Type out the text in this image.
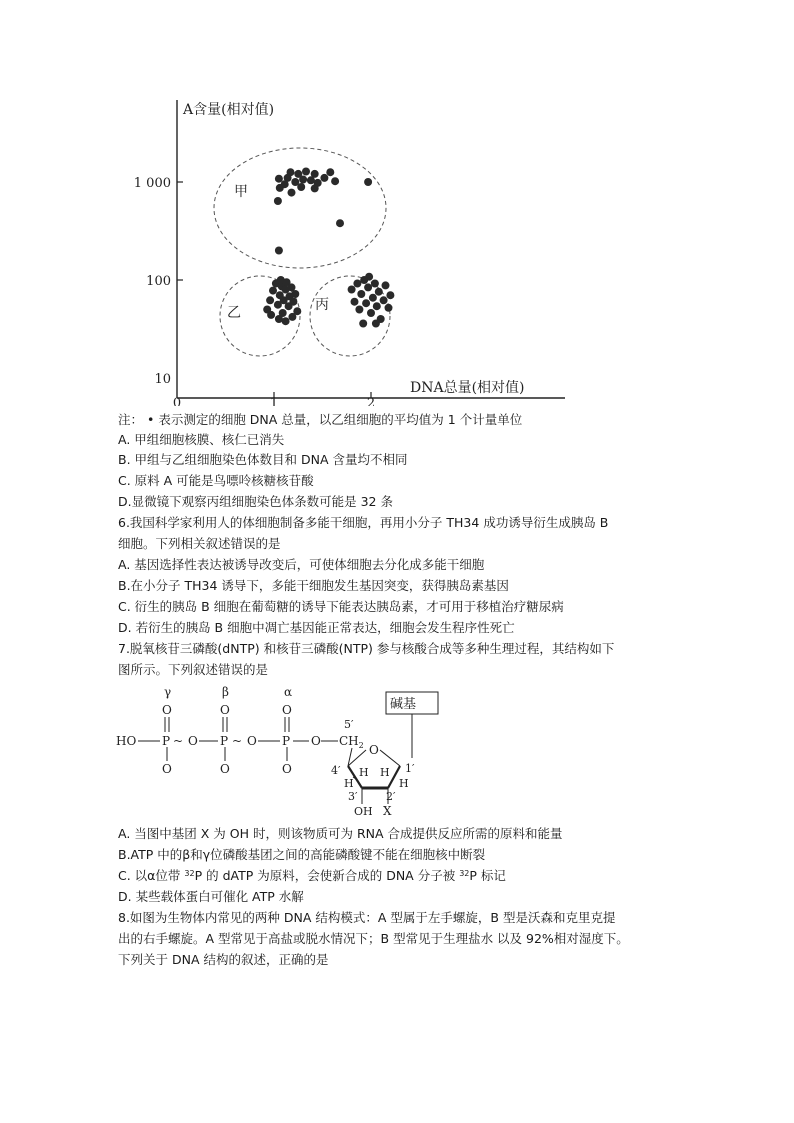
A含量(相对值)
DNA总量(相对值)
10
100
1 000
0	1	2
甲
乙	丙
注： • 表示测定的细胞 DNA 总量，以乙组细胞的平均值为 1 个计量单位
A. 甲组细胞核膜、核仁已消失
B. 甲组与乙组细胞染色体数目和 DNA 含量均不相同
C. 原料 A 可能是鸟嘌呤核糖核苷酸
D.显微镜下观察丙组细胞染色体条数可能是 32 条
6.我国科学家利用人的体细胞制备多能干细胞，再用小分子 TH34 成功诱导衍生成胰岛 B
细胞。下列相关叙述错误的是
A. 基因选择性表达被诱导改变后，可使体细胞去分化成多能干细胞
B.在小分子 TH34 诱导下，多能干细胞发生基因突变，获得胰岛素基因
C. 衍生的胰岛 B 细胞在葡萄糖的诱导下能表达胰岛素，才可用于移植治疗糖尿病
D. 若衍生的胰岛 B 细胞中凋亡基因能正常表达，细胞会发生程序性死亡
7.脱氧核苷三磷酸(dNTP) 和核苷三磷酸(NTP) 参与核酸合成等多种生理过程，其结构如下
图所示。下列叙述错误的是
γ	β	α
O	O	O
HO P ~ O P ~ O P O $CH_2$
5′
O	O	O
O
4′	1′
H H
H	H
3′	2′
OH X
碱基
A. 当图中基团 X 为 OH 时，则该物质可为 RNA 合成提供反应所需的原料和能量
B.ATP 中的β和γ位磷酸基团之间的高能磷酸键不能在细胞核中断裂
C. 以α位带 $^{32}$P 的 dATP 为原料，会使新合成的 DNA 分子被 $^{32}$P 标记
D. 某些载体蛋白可催化 ATP 水解
8.如图为生物体内常见的两种 DNA 结构模式：A 型属于左手螺旋，B 型是沃森和克里克提
出的右手螺旋。A 型常见于高盐或脱水情况下；B 型常见于生理盐水 以及 92%相对湿度下。
下列关于 DNA 结构的叙述，正确的是
